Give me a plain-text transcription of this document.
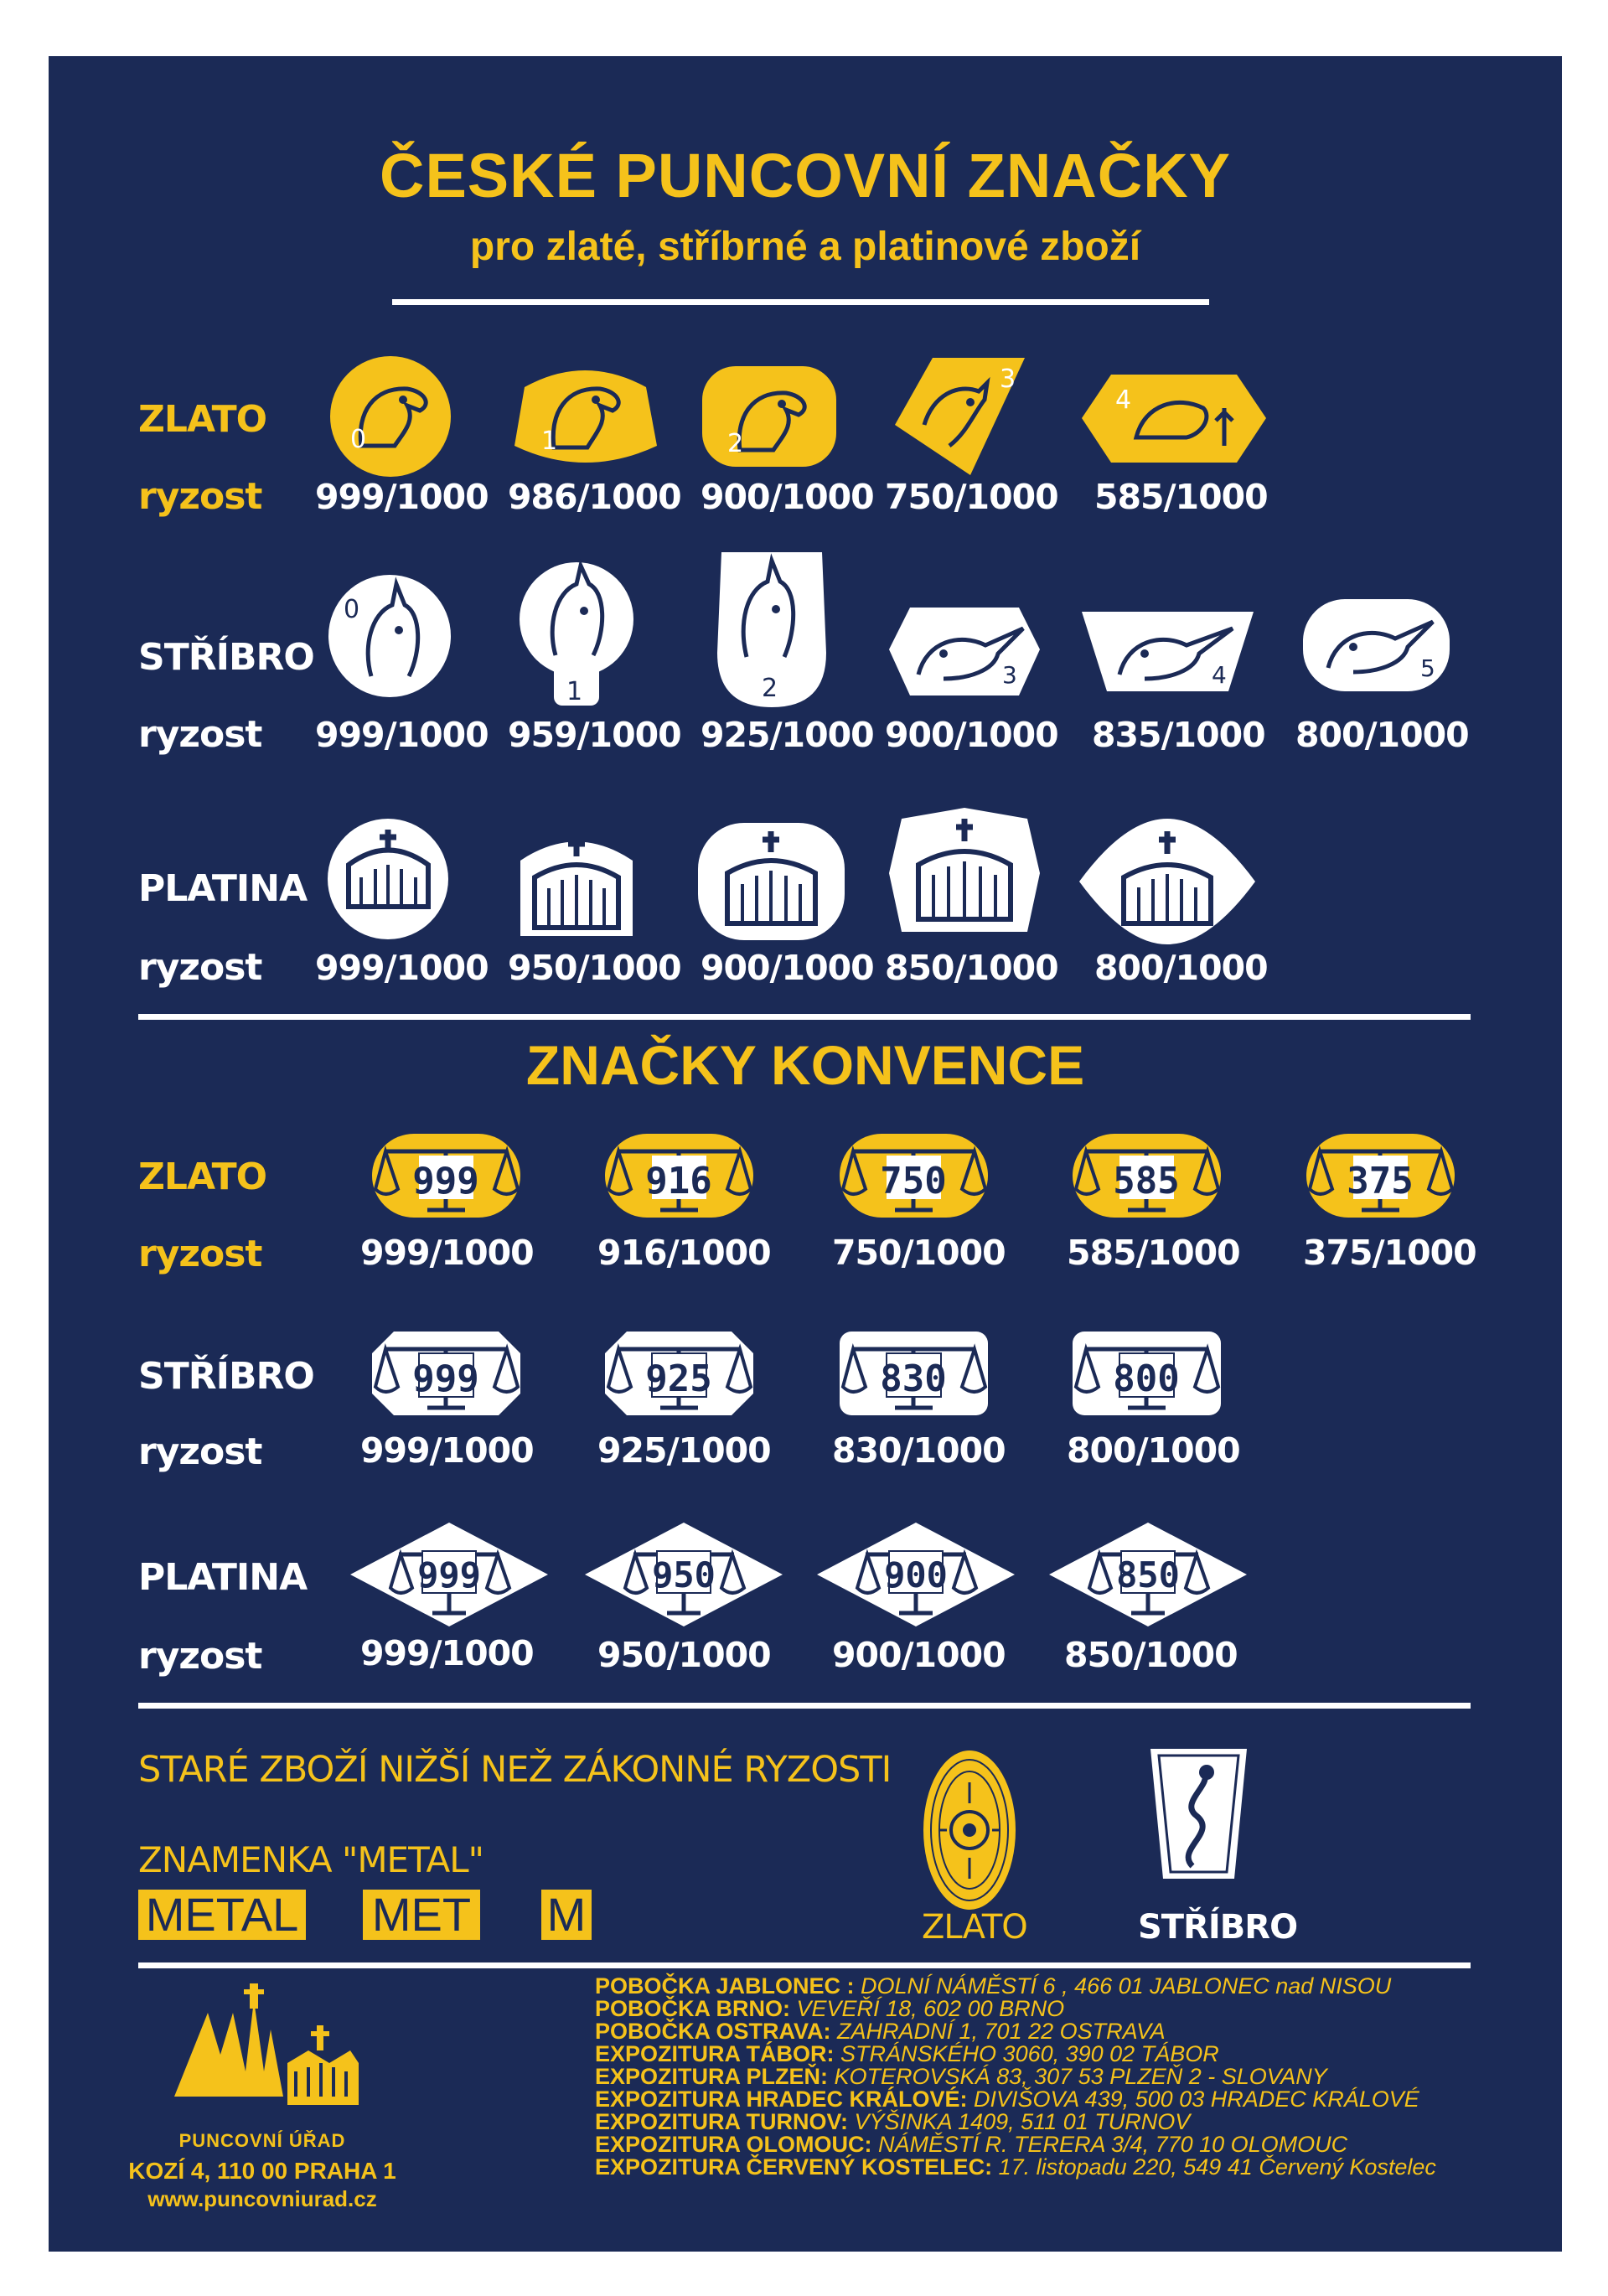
ČESKÉ PUNCOVNÍ ZNAČKY
pro zlaté, stříbrné a platinové zboží
ZLATO
ryzost
0
999/1000
1
986/1000
2
900/1000
3
750/1000
4
585/1000
STŘÍBRO
ryzost
0
999/1000
1
959/1000
2
925/1000
3
900/1000
4
835/1000
5
800/1000
PLATINA
ryzost 999/1000 950/1000 900/1000 850/1000 800/1000
ZNAČKY KONVENCE
ZLATO
ryzost
999
999/1000
916
916/1000
750
750/1000
585
585/1000
375
375/1000
STŘÍBRO
ryzost
999
999/1000
925
925/1000
830
830/1000
800
800/1000
PLATINA
ryzost
999
999/1000
950
950/1000
900
900/1000
850
850/1000
STARÉ ZBOŽÍ NIŽŠÍ NEŽ ZÁKONNÉ RYZOSTI
ZNAMENKA "METAL"
METAL MET M	ZLATO	STŘÍBRO
PUNCOVNÍ ÚŘAD
KOZÍ 4, 110 00 PRAHA 1
www.puncovniurad.cz
POBOČKA JABLONEC : DOLNÍ NÁMĚSTÍ 6 , 466 01 JABLONEC nad NISOU
POBOČKA BRNO: VEVEŘÍ 18, 602 00 BRNO
POBOČKA OSTRAVA: ZAHRADNÍ 1, 701 22 OSTRAVA
EXPOZITURA TÁBOR: STRÁNSKÉHO 3060, 390 02 TÁBOR
EXPOZITURA PLZEŇ: KOTEROVSKÁ 83, 307 53 PLZEŇ 2 - SLOVANY
EXPOZITURA HRADEC KRÁLOVÉ: DIVIŠOVA 439, 500 03 HRADEC KRÁLOVÉ
EXPOZITURA TURNOV: VÝŠINKA 1409, 511 01 TURNOV
EXPOZITURA OLOMOUC: NÁMĚSTÍ R. TERERA 3/4, 770 10 OLOMOUC
EXPOZITURA ČERVENÝ KOSTELEC: 17. listopadu 220, 549 41 Červený Kostelec
